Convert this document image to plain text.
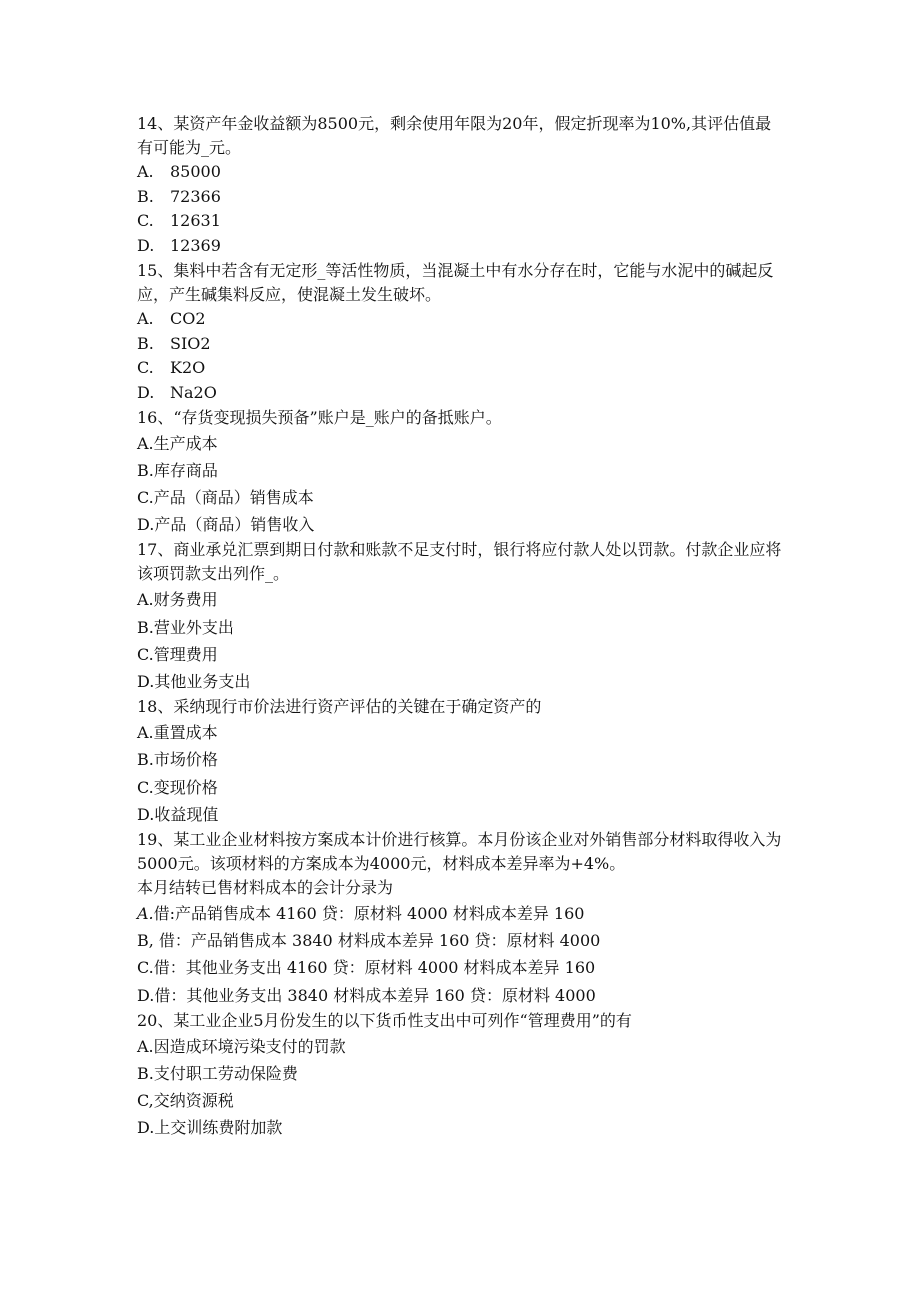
14、某资产年金收益额为8500元，剩余使用年限为20年，假定折现率为10%,其评估值最有可能为_元。

A. 85000
B. 72366
C. 12631
D. 12369

15、集料中若含有无定形_等活性物质，当混凝土中有水分存在时，它能与水泥中的碱起反应，产生碱集料反应，使混凝土发生破坏。

A. CO2
B. SIO2
C. K2O
D. Na2O

16、“存货变现损失预备”账户是_账户的备抵账户。

A.生产成本
B.库存商品
C.产品（商品）销售成本
D.产品（商品）销售收入

17、商业承兑汇票到期日付款和账款不足支付时，银行将应付款人处以罚款。付款企业应将该项罚款支出列作_。

A.财务费用
B.营业外支出
C.管理费用
D.其他业务支出

18、采纳现行市价法进行资产评估的关键在于确定资产的

A.重置成本
B.市场价格
C.变现价格
D.收益现值

19、某工业企业材料按方案成本计价进行核算。本月份该企业对外销售部分材料取得收入为5000元。该项材料的方案成本为4000元，材料成本差异率为+4%。

本月结转已售材料成本的会计分录为

A.借:产品销售成本 4160 贷：原材料 4000 材料成本差异 160
B, 借：产品销售成本 3840 材料成本差异 160 贷：原材料 4000
C.借：其他业务支出 4160 贷：原材料 4000 材料成本差异 160
D.借：其他业务支出 3840 材料成本差异 160 贷：原材料 4000

20、某工业企业5月份发生的以下货币性支出中可列作“管理费用”的有

A.因造成环境污染支付的罚款
B.支付职工劳动保险费
C,交纳资源税
D.上交训练费附加款
